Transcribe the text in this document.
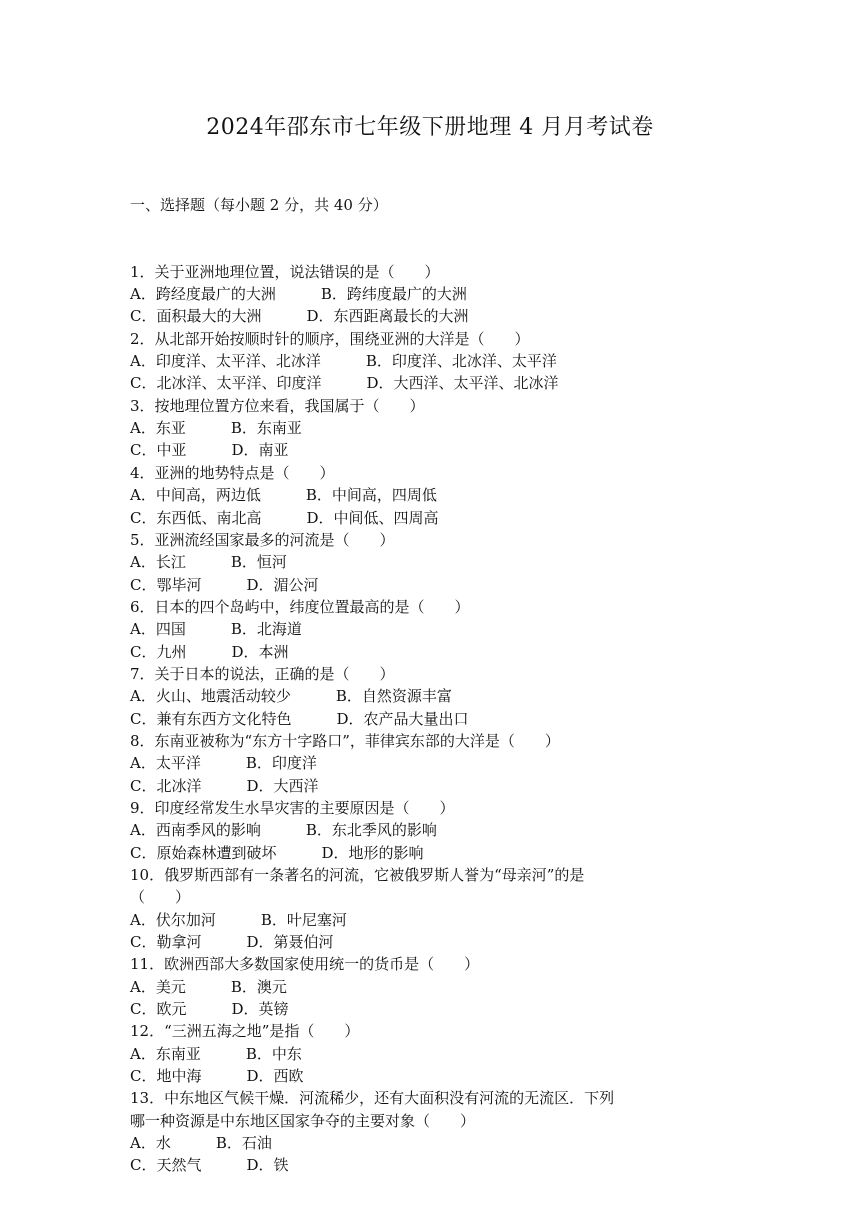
2024年邵东市七年级下册地理 4 月月考试卷

一、选择题（每小题 2 分，共 40 分）

1．关于亚洲地理位置，说法错误的是（　　）
A．跨经度最广的大洲　　　B．跨纬度最广的大洲
C．面积最大的大洲　　　D．东西距离最长的大洲
2．从北部开始按顺时针的顺序，围绕亚洲的大洋是（　　）
A．印度洋、太平洋、北冰洋　　　B．印度洋、北冰洋、太平洋
C．北冰洋、太平洋、印度洋　　　D．大西洋、太平洋、北冰洋
3．按地理位置方位来看，我国属于（　　）
A．东亚　　　B．东南亚
C．中亚　　　D．南亚
4．亚洲的地势特点是（　　）
A．中间高，两边低　　　B．中间高，四周低
C．东西低、南北高　　　D．中间低、四周高
5．亚洲流经国家最多的河流是（　　）
A．长江　　　B．恒河
C．鄂毕河　　　D．湄公河
6．日本的四个岛屿中，纬度位置最高的是（　　）
A．四国　　　B．北海道
C．九州　　　D．本洲
7．关于日本的说法，正确的是（　　）
A．火山、地震活动较少　　　B．自然资源丰富
C．兼有东西方文化特色　　　D．农产品大量出口
8．东南亚被称为“东方十字路口”，菲律宾东部的大洋是（　　）
A．太平洋　　　B．印度洋
C．北冰洋　　　D．大西洋
9．印度经常发生水旱灾害的主要原因是（　　）
A．西南季风的影响　　　B．东北季风的影响
C．原始森林遭到破坏　　　D．地形的影响
10．俄罗斯西部有一条著名的河流，它被俄罗斯人誉为“母亲河”的是
（　　）
A．伏尔加河　　　B．叶尼塞河
C．勒拿河　　　D．第聂伯河
11．欧洲西部大多数国家使用统一的货币是（　　）
A．美元　　　B．澳元
C．欧元　　　D．英镑
12．“三洲五海之地”是指（　　）
A．东南亚　　　B．中东
C．地中海　　　D．西欧
13．中东地区气候干燥．河流稀少，还有大面积没有河流的无流区．下列
哪一种资源是中东地区国家争夺的主要对象（　　）
A．水　　　B．石油
C．天然气　　　D．铁
